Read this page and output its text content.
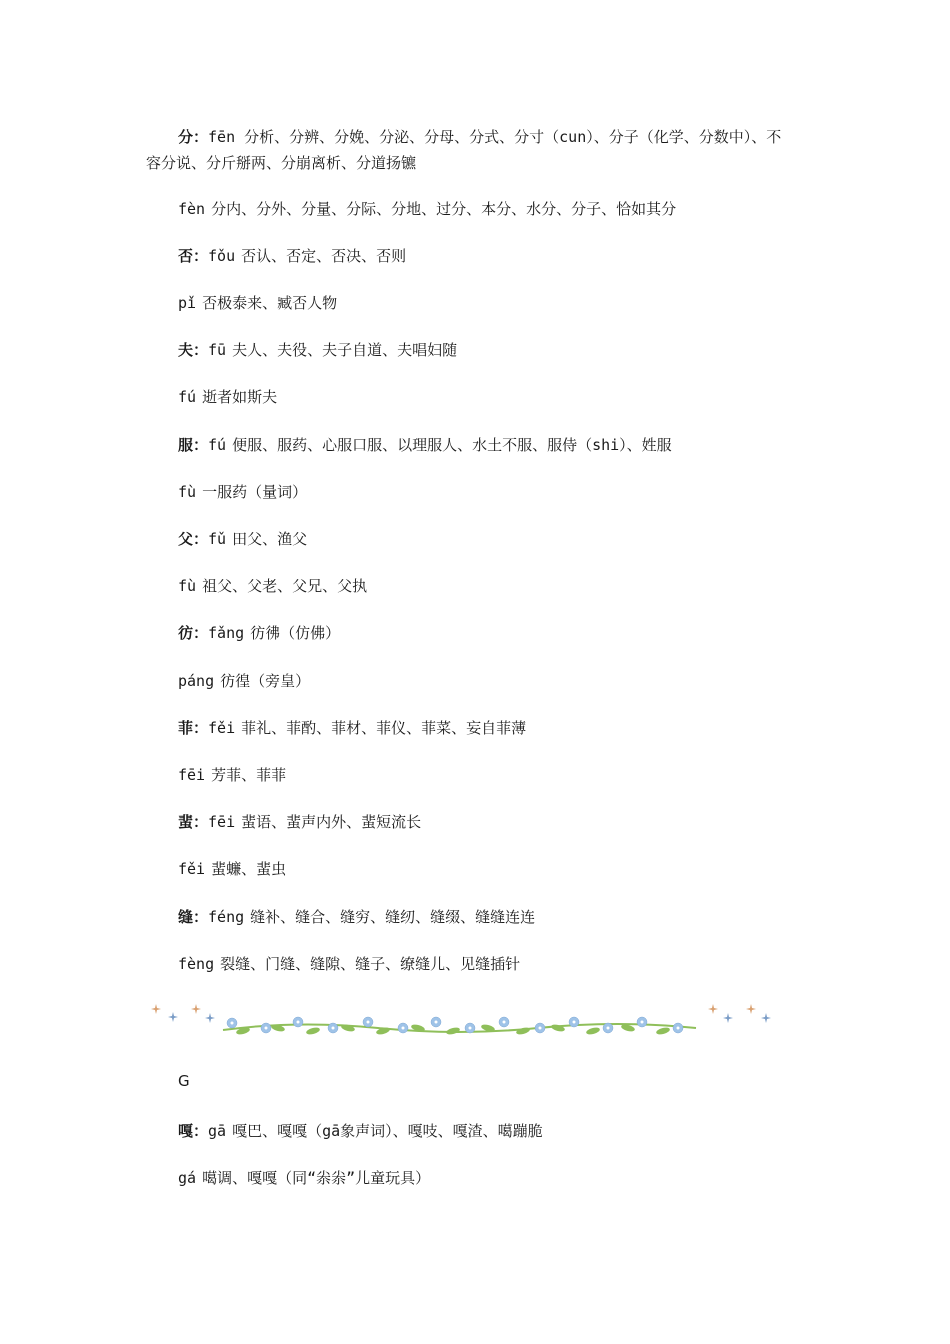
分：fēn 分析、分辨、分娩、分泌、分母、分式、分寸（cun）、分子（化学、分数中）、不容分说、分斤掰两、分崩离析、分道扬镳
fèn 分内、分外、分量、分际、分地、过分、本分、水分、分子、恰如其分
否：fǒu 否认、否定、否决、否则
pǐ 否极泰来、臧否人物
夫：fū 夫人、夫役、夫子自道、夫唱妇随
fú 逝者如斯夫
服：fú 便服、服药、心服口服、以理服人、水土不服、服侍（shi）、姓服
fù 一服药（量词）
父：fǔ 田父、渔父
fù 祖父、父老、父兄、父执
彷：fǎng 彷彿（仿佛）
páng 彷徨（旁皇）
菲：fěi 菲礼、菲酌、菲材、菲仪、菲菜、妄自菲薄
fēi 芳菲、菲菲
蜚：fēi 蜚语、蜚声内外、蜚短流长
fěi 蜚蠊、蜚虫
缝：féng 缝补、缝合、缝穷、缝纫、缝缀、缝缝连连
fèng 裂缝、门缝、缝隙、缝子、缭缝儿、见缝插针
G
嘎：gā 嘎巴、嘎嘎（gā象声词）、嘎吱、嘎渣、噶蹦脆
gá 噶调、嘎嘎（同“尜尜”儿童玩具）
